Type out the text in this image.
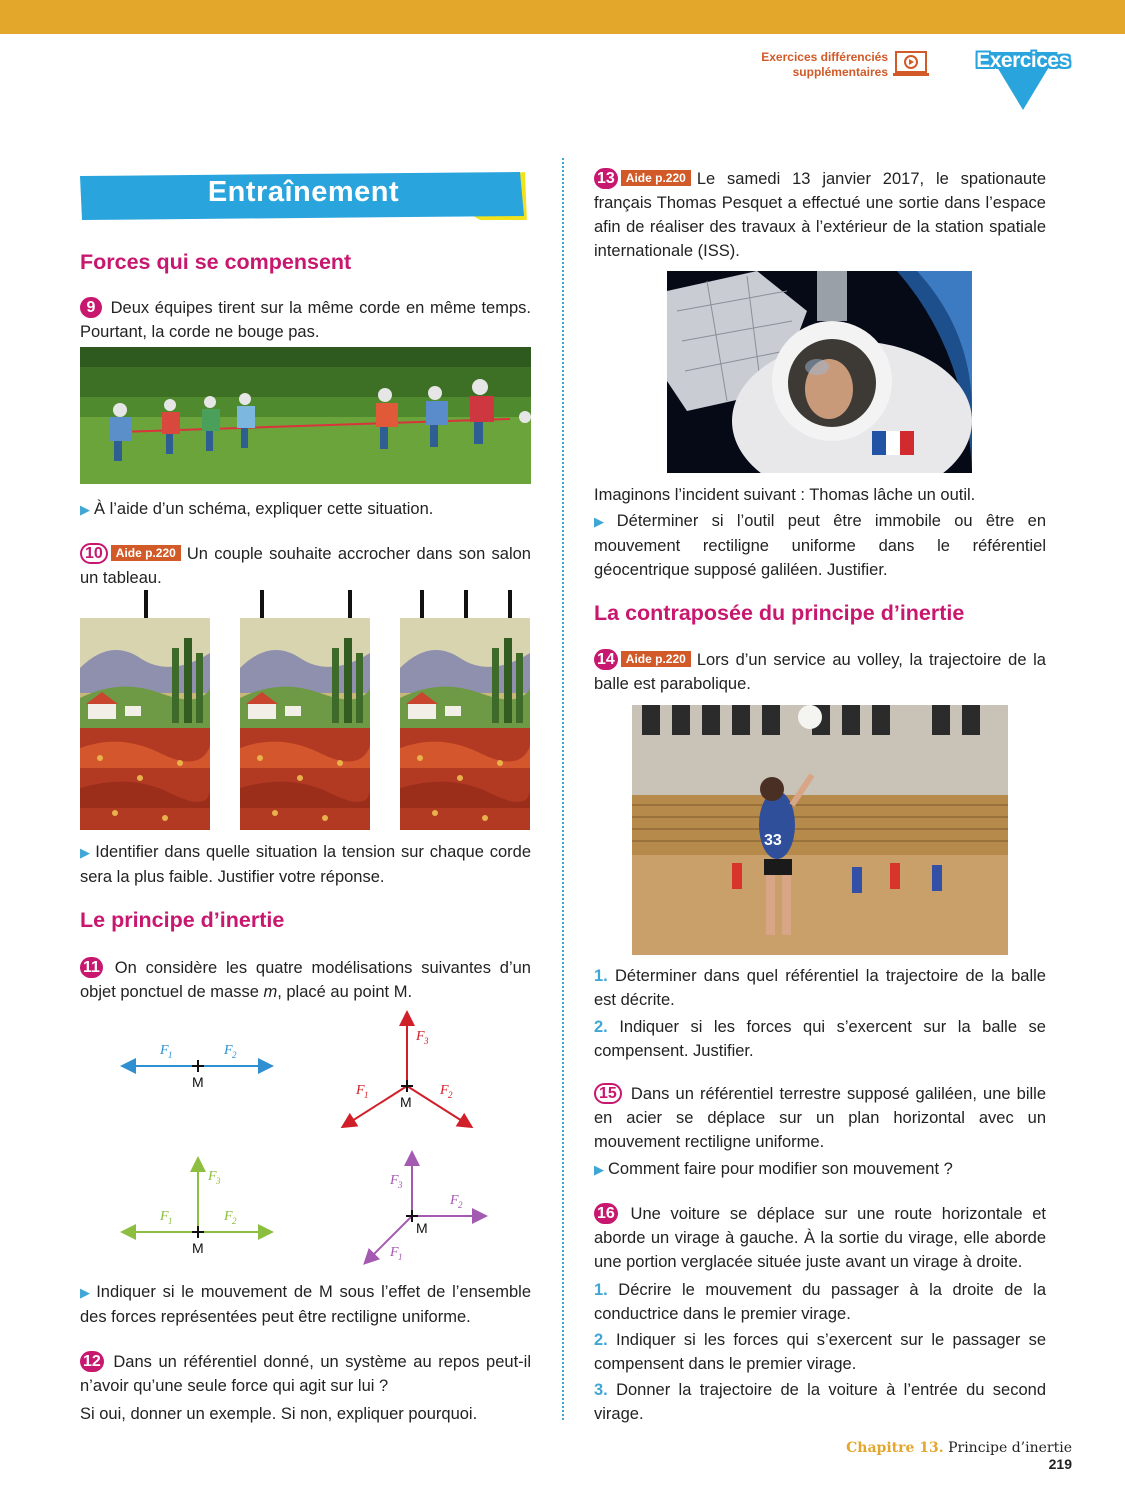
Exercices différenciés
supplémentaires	Exercices
Entraînement
Forces qui se compensent
9 Deux équipes tirent sur la même corde en même temps. Pourtant, la corde ne bouge pas.
▶ À l’aide d’un schéma, expliquer cette situation.
10 Aide p.220 Un couple souhaite accrocher dans son salon un tableau.
▶ Identifier dans quelle situation la tension sur chaque corde sera la plus faible. Justifier votre réponse.
Le principe d’inertie
11 On considère les quatre modélisations suivantes d’un objet ponctuel de masse m, placé au point M.
M
F 1	F 2
M
F 3
F 1	F 2
M
F 3
F 1	F 2	M
F 3
F 2
F 1
▶ Indiquer si le mouvement de M sous l’effet de l’ensemble des forces représentées peut être rectiligne uniforme.
12 Dans un référentiel donné, un système au repos peut-il n’avoir qu’une seule force qui agit sur lui ?
Si oui, donner un exemple. Si non, expliquer pourquoi.
13 Aide p.220 Le samedi 13 janvier 2017, le spationaute français Thomas Pesquet a effectué une sortie dans l’espace afin de réaliser des travaux à l’extérieur de la station spatiale internationale (ISS).
Imaginons l’incident suivant : Thomas lâche un outil.
▶ Déterminer si l’outil peut être immobile ou être en mouvement rectiligne uniforme dans le référentiel géocentrique supposé galiléen. Justifier.
La contraposée du principe d’inertie
14 Aide p.220 Lors d’un service au volley, la trajectoire de la balle est parabolique.
33
1. Déterminer dans quel référentiel la trajectoire de la balle est décrite.
2. Indiquer si les forces qui s’exercent sur la balle se compensent. Justifier.
15 Dans un référentiel terrestre supposé galiléen, une bille en acier se déplace sur un plan horizontal avec un mouvement rectiligne uniforme.
▶ Comment faire pour modifier son mouvement ?
16 Une voiture se déplace sur une route horizontale et aborde un virage à gauche. À la sortie du virage, elle aborde une portion verglacée située juste avant un virage à droite.
1. Décrire le mouvement du passager à la droite de la conductrice dans le premier virage.
2. Indiquer si les forces qui s’exercent sur le passager se compensent dans le premier virage.
3. Donner la trajectoire de la voiture à l’entrée du second virage.
Chapitre 13. Principe d’inertie 219
